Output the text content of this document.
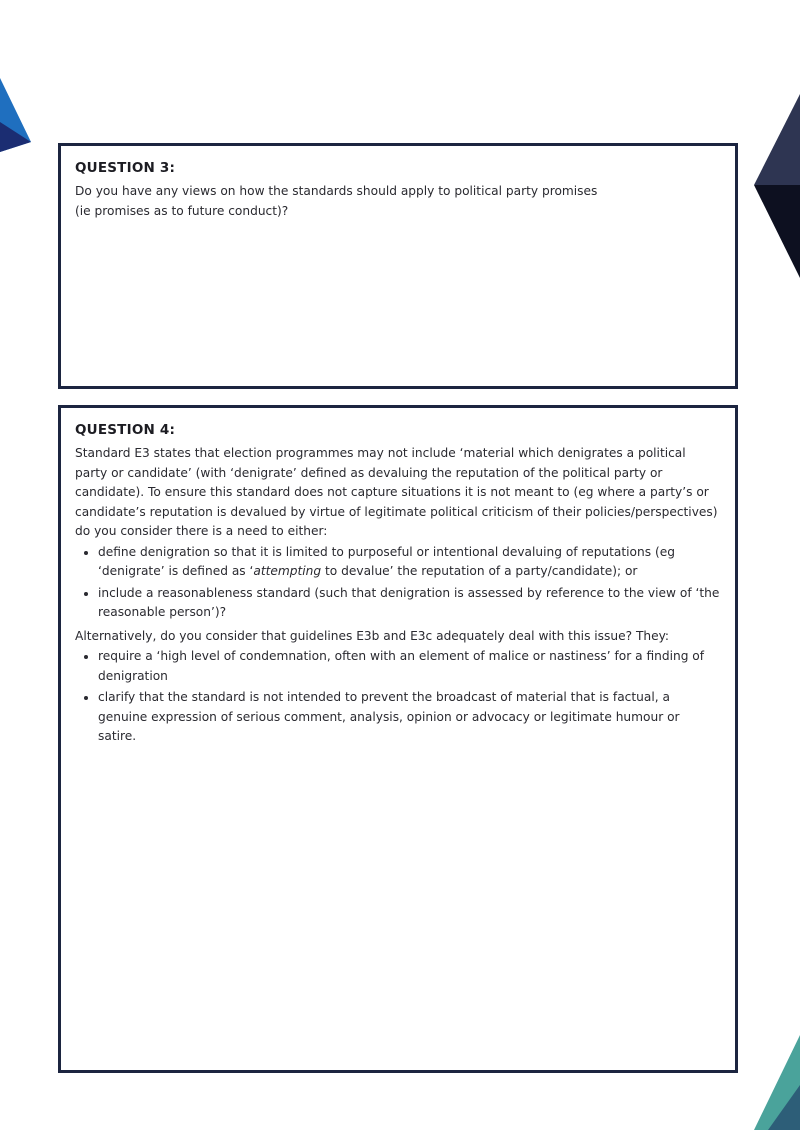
QUESTION 3:

Do you have any views on how the standards should apply to political party promises

(ie promises as to future conduct)?

QUESTION 4:

Standard E3 states that election programmes may not include ‘material which denigrates a political party or candidate’ (with ‘denigrate’ defined as devaluing the reputation of the political party or candidate). To ensure this standard does not capture situations it is not meant to (eg where a party’s or candidate’s reputation is devalued by virtue of legitimate political criticism of their policies/perspectives) do you consider there is a need to either:

• define denigration so that it is limited to purposeful or intentional devaluing of reputations (eg ‘denigrate’ is defined as ‘attempting to devalue’ the reputation of a party/candidate); or
• include a reasonableness standard (such that denigration is assessed by reference to the view of ‘the reasonable person’)?

Alternatively, do you consider that guidelines E3b and E3c adequately deal with this issue? They:

• require a ‘high level of condemnation, often with an element of malice or nastiness’ for a finding of denigration
• clarify that the standard is not intended to prevent the broadcast of material that is factual, a genuine expression of serious comment, analysis, opinion or advocacy or legitimate humour or satire.
